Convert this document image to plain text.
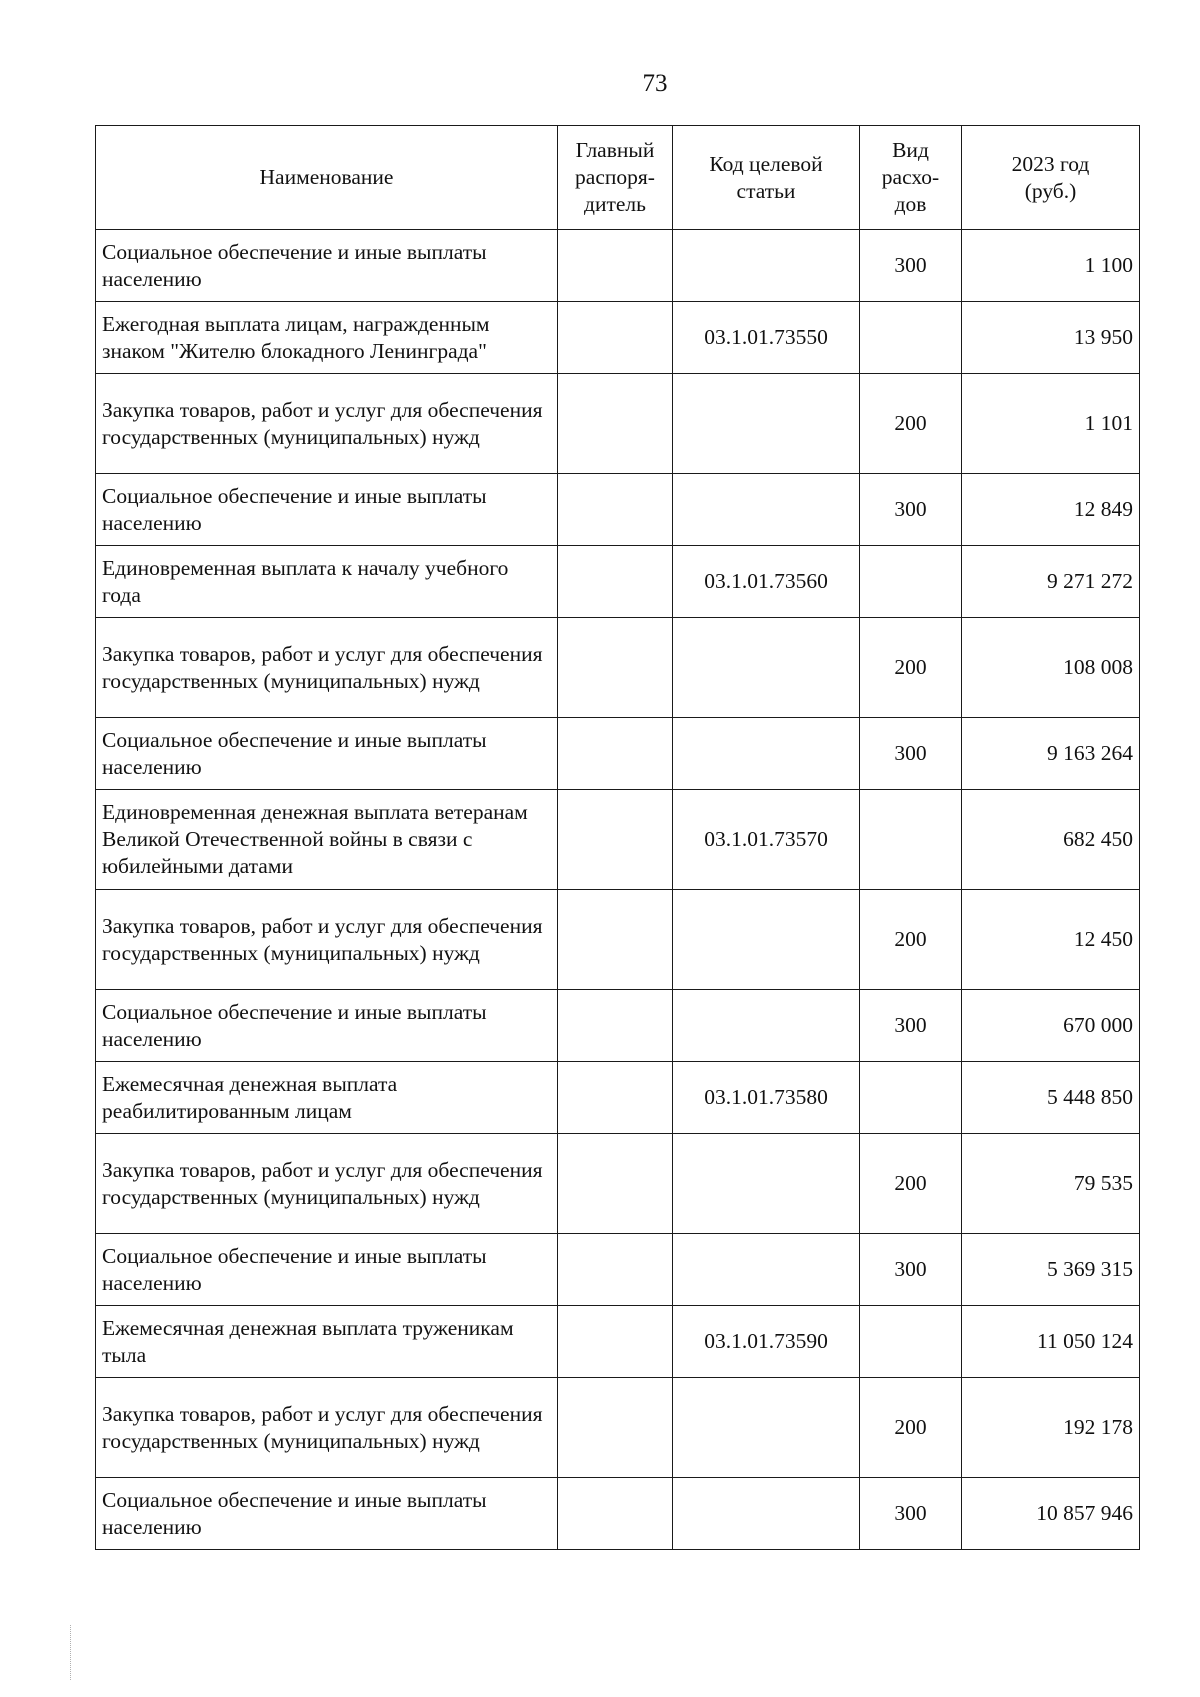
73
Наименование	Главный распоря- дитель	Код целевой статьи	Вид расхо- дов	2023 год (руб.)

Социальное обеспечение и иные выплаты населению			300	1 100
Ежегодная выплата лицам, награжденным знаком "Жителю блокадного Ленинграда"		03.1.01.73550		13 950
Закупка товаров, работ и услуг для обеспечения государственных (муниципальных) нужд			200	1 101
Социальное обеспечение и иные выплаты населению			300	12 849
Единовременная выплата к началу учебного года		03.1.01.73560		9 271 272
Закупка товаров, работ и услуг для обеспечения государственных (муниципальных) нужд			200	108 008
Социальное обеспечение и иные выплаты населению			300	9 163 264
Единовременная денежная выплата ветеранам Великой Отечественной войны в связи с юбилейными датами		03.1.01.73570		682 450
Закупка товаров, работ и услуг для обеспечения государственных (муниципальных) нужд			200	12 450
Социальное обеспечение и иные выплаты населению			300	670 000
Ежемесячная денежная выплата реабилитированным лицам		03.1.01.73580		5 448 850
Закупка товаров, работ и услуг для обеспечения государственных (муниципальных) нужд			200	79 535
Социальное обеспечение и иные выплаты населению			300	5 369 315
Ежемесячная денежная выплата труженикам тыла		03.1.01.73590		11 050 124
Закупка товаров, работ и услуг для обеспечения государственных (муниципальных) нужд			200	192 178
Социальное обеспечение и иные выплаты населению			300	10 857 946
